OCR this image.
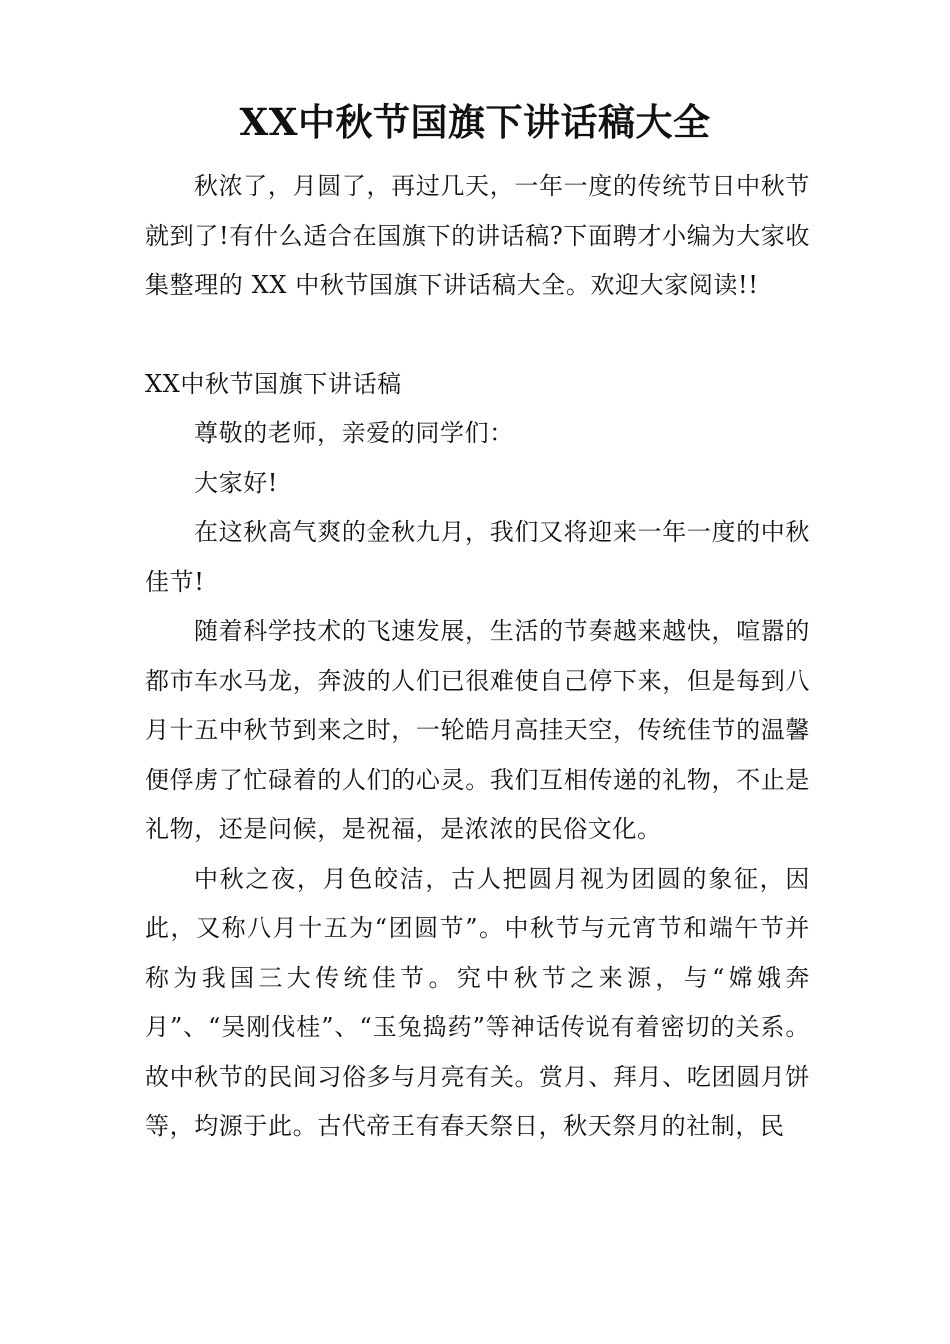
XX中秋节国旗下讲话稿大全

秋浓了，月圆了，再过几天，一年一度的传统节日中秋节就到了!有什么适合在国旗下的讲话稿?下面聘才小编为大家收集整理的 XX 中秋节国旗下讲话稿大全。欢迎大家阅读!!

XX中秋节国旗下讲话稿

尊敬的老师，亲爱的同学们：

大家好!

在这秋高气爽的金秋九月，我们又将迎来一年一度的中秋佳节!

随着科学技术的飞速发展，生活的节奏越来越快，喧嚣的都市车水马龙，奔波的人们已很难使自己停下来，但是每到八月十五中秋节到来之时，一轮皓月高挂天空，传统佳节的温馨便俘虏了忙碌着的人们的心灵。我们互相传递的礼物，不止是礼物，还是问候，是祝福，是浓浓的民俗文化。

中秋之夜，月色皎洁，古人把圆月视为团圆的象征，因此，又称八月十五为“团圆节”。中秋节与元宵节和端午节并称为我国三大传统佳节。究中秋节之来源，与“嫦娥奔月”、“吴刚伐桂”、“玉兔捣药”等神话传说有着密切的关系。故中秋节的民间习俗多与月亮有关。赏月、拜月、吃团圆月饼等，均源于此。古代帝王有春天祭日，秋天祭月的社制，民
